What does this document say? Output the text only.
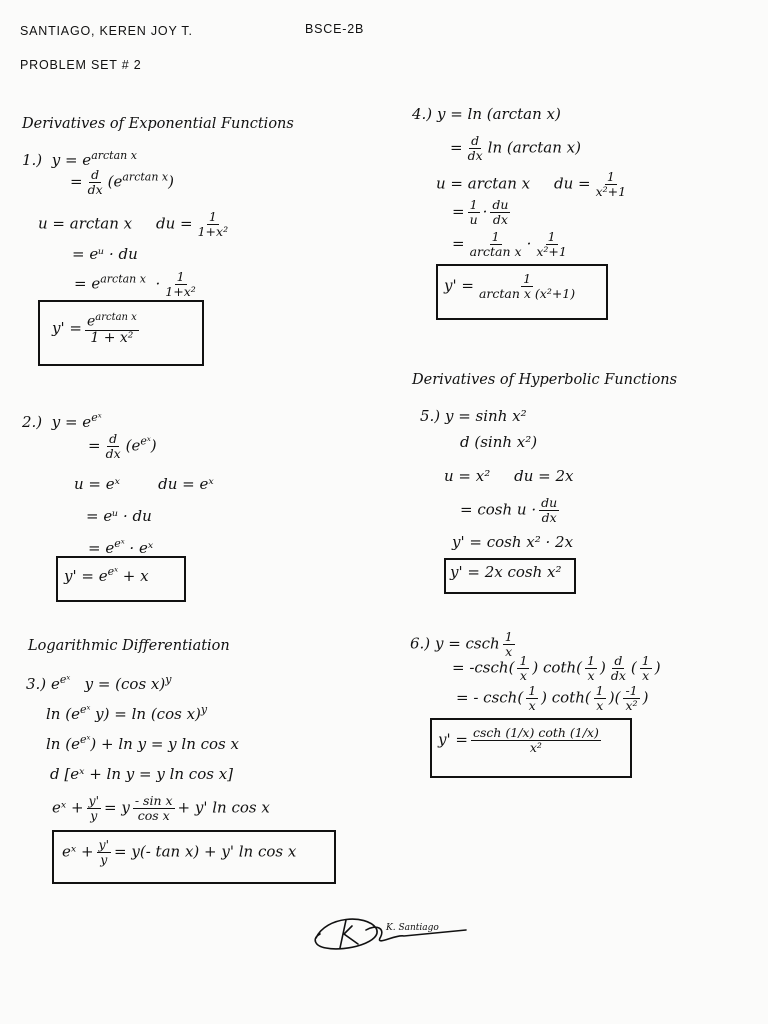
SANTIAGO, KEREN JOY T.	BSCE-2B
PROBLEM SET # 2
Derivatives of Exponential Functions
1.) $y = e^{arctan x}$
= $\frac{d}{dx} (e^{arctan x})$
u = arctan x du = $\frac{1}{\text{1+x²}}$
= eᵘ · du
= $e^{arctan x} \cdot \frac{1}{\text{1+x²}}$
$y' = \frac{e^{arctan x}}{\text{1 + x²}}$
2.) $y = e^{eˣ}$
= $\frac{d}{dx} (e^{eˣ})$
u = eˣ	du = eˣ
= eᵘ · du
= $e^{eˣ}$ · eˣ
$y' = e^{eˣ} + x$
Logarithmic Differentiation
3.) $e^{eˣ}$ y = (cos x)$^y$
$\ln (e^{eˣ}$ y) = ln (cos x)$^y$
$\ln (e^{eˣ}) + \ln y = y$ ln cos x
d [eˣ + ln y = y ln cos x]
eˣ + $\frac{y'}{y} = y \frac{\text{- sin x}}{\text{cos x}} + y'$ ln cos x
eˣ + $\frac{y'}{y} = y(-$ tan x) + y' ln cos x
4.) y = ln (arctan x)
= $\frac{d}{dx}$ ln (arctan x)
u = arctan x du = $\frac{1}{\text{x²+1}}$
= $\frac{1}{u} \cdot \frac{du}{dx}$
= $\frac{1}{\text{arctan x}} \cdot \frac{1}{\text{x²+1}}$
$y' = \frac{1}{\text{arctan x (x²+1)}}$
Derivatives of Hyperbolic Functions
5.) y = sinh x²
d (sinh x²)
u = x² du = 2x
= $\cosh u \cdot \frac{du}{dx}$
y' = cosh x² · 2x
y' = 2x cosh x²
6.) y = csch $\frac{1}{x}$
= $-\csc h( \frac{1}{x}$ ) $\cot h( \frac{1}{x}$ ) $\frac{d}{dx}$ ( $\frac{1}{x}$ )
= - $\csc h( \frac{1}{x}$ ) $\cot h( \frac{1}{x}$ )( $\frac{-1}{\text{x²}}$ )
$y' = \frac{\csc h (1/x) \cot h (1/x)}{\text{x²}}$
K. Santiago
